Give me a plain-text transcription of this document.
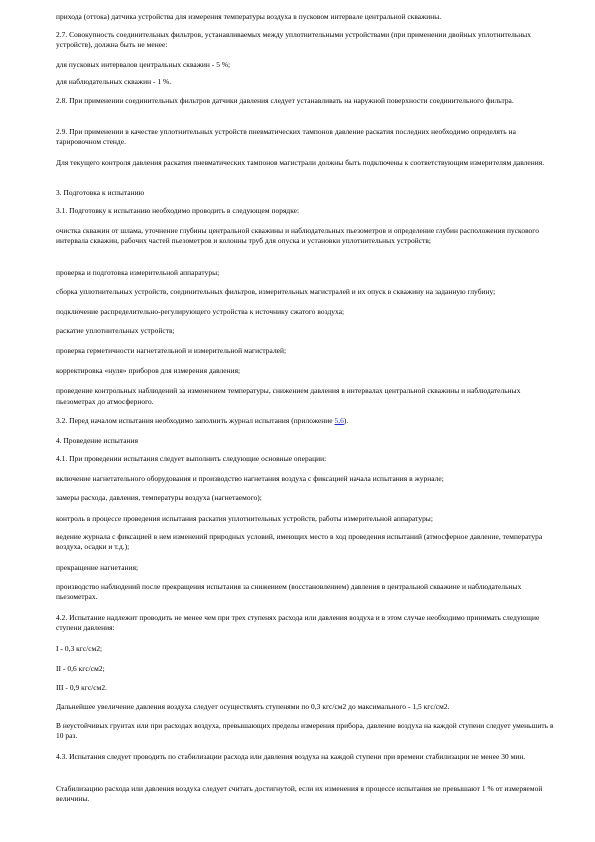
прихода (оттока) датчика устройства для измерения температуры воздуха в пусковом интервале центральной скважины.

2.7. Совокупность соединительных фильтров, устанавливаемых между уплотнительными устройствами (при применении двойных уплотнительных устройств), должна быть не менее:

для пусковых интервалов центральных скважин - 5 %;

для наблюдательных скважин - 1 %.

2.8. При применении соединительных фильтров датчики давления следует устанавливать на наружной поверхности соединительного фильтра.

2.9. При применении в качестве уплотнительных устройств пневматических тампонов давление раскатия последних необходимо определять на тарировочном стенде.

Для текущего контроля давления раскатия пневматических тампонов магистрали должны быть подключены к соответствующим измерителям давления.

3. Подготовка к испытанию

3.1. Подготовку к испытанию необходимо проводить в следующем порядке:

очистка скважин от шлама, уточнение глубины центральной скважины и наблюдательных пьезометров и определение глубин расположения пускового интервала скважин, рабочих частей пьезометров и колонны труб для опуска и установки уплотнительных устройств;

проверка и подготовка измерительной аппаратуры;

сборка уплотнительных устройств, соединительных фильтров, измерительных магистралей и их опуск в скважину на заданную глубину;

подключение распределительно-регулирующего устройства к источнику сжатого воздуха;

раскатие уплотнительных устройств;

проверка герметичности нагнетательной и измерительной магистралей;

корректировка «нуля» приборов для измерения давления;

проведение контрольных наблюдений за изменением температуры, снижением давления в интервалах центральной скважины и наблюдательных пьезометрах до атмосферного.

3.2. Перед началом испытания необходимо заполнить журнал испытания (приложение 5,6).

4. Проведение испытания

4.1. При проведении испытания следует выполнить следующие основные операции:

включение нагнетательного оборудования и производство нагнетания воздуха с фиксацией начала испытания в журнале;

замеры расхода, давления, температуры воздуха (нагнетаемого);

контроль в процессе проведения испытания раскатия уплотнительных устройств, работы измерительной аппаратуры;

ведение журнала с фиксацией в нем изменений природных условий, имеющих место в ход проведения испытаний (атмосферное давление, температура воздуха, осадки и т.д.);

прекращение нагнетания;

производство наблюдений после прекращения испытания за снижением (восстановлением) давления в центральной скважине и наблюдательных пьезометрах.

4.2. Испытание надлежит проводить не менее чем при трех ступенях расхода или давления воздуха и в этом случае необходимо принимать следующие ступени давления:

I - 0,3 кгс/см2;

II - 0,6 кгс/см2;

III - 0,9 кгс/см2.

Дальнейшее увеличение давления воздуха следует осуществлять ступенями по 0,3 кгс/см2 до максимального - 1,5 кгс/см2.

В неустойчивых грунтах или при расходах воздуха, превышающих пределы измерения прибора, давление воздуха на каждой ступени следует уменьшить в 10 раз.

4.3. Испытания следует проводить по стабилизации расхода или давления воздуха на каждой ступени при времени стабилизации не менее 30 мин.

Стабилизацию расхода или давления воздуха следует считать достигнутой, если их изменения в процессе испытания не превышают 1 % от измеряемой величины.
